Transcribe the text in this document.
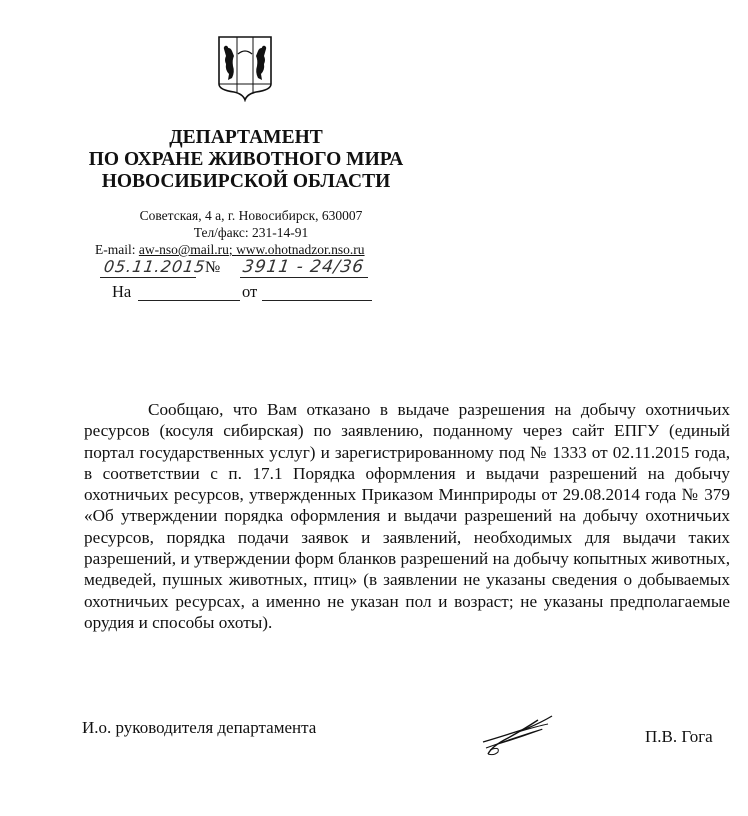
ДЕПАРТАМЕНТ
ПО ОХРАНЕ ЖИВОТНОГО МИРА
НОВОСИБИРСКОЙ ОБЛАСТИ
Советская, 4 а, г. Новосибирск, 630007
Тел/факс: 231-14-91
E-mail: aw-nso@mail.ru; www.ohotnadzor.nso.ru
05.11.2015
№ 3911 - 24/36
На	от

Сообщаю, что Вам отказано в выдаче разрешения на добычу охотничьих ресурсов (косуля сибирская) по заявлению, поданному через сайт ЕПГУ (единый портал государственных услуг) и зарегистрированному под № 1333 от 02.11.2015 года, в соответствии с п. 17.1 Порядка оформления и выдачи разрешений на добычу охотничьих ресурсов, утвержденных Приказом Минприроды от 29.08.2014 года № 379 «Об утверждении порядка оформления и выдачи разрешений на добычу охотничьих ресурсов, порядка подачи заявок и заявлений, необходимых для выдачи таких разрешений, и утверждении форм бланков разрешений на добычу копытных животных, медведей, пушных животных, птиц» (в заявлении не указаны сведения о добываемых охотничьих ресурсах, а именно не указан пол и возраст; не указаны предполагаемые орудия и способы охоты).

И.о. руководителя департамента	П.В. Гога
